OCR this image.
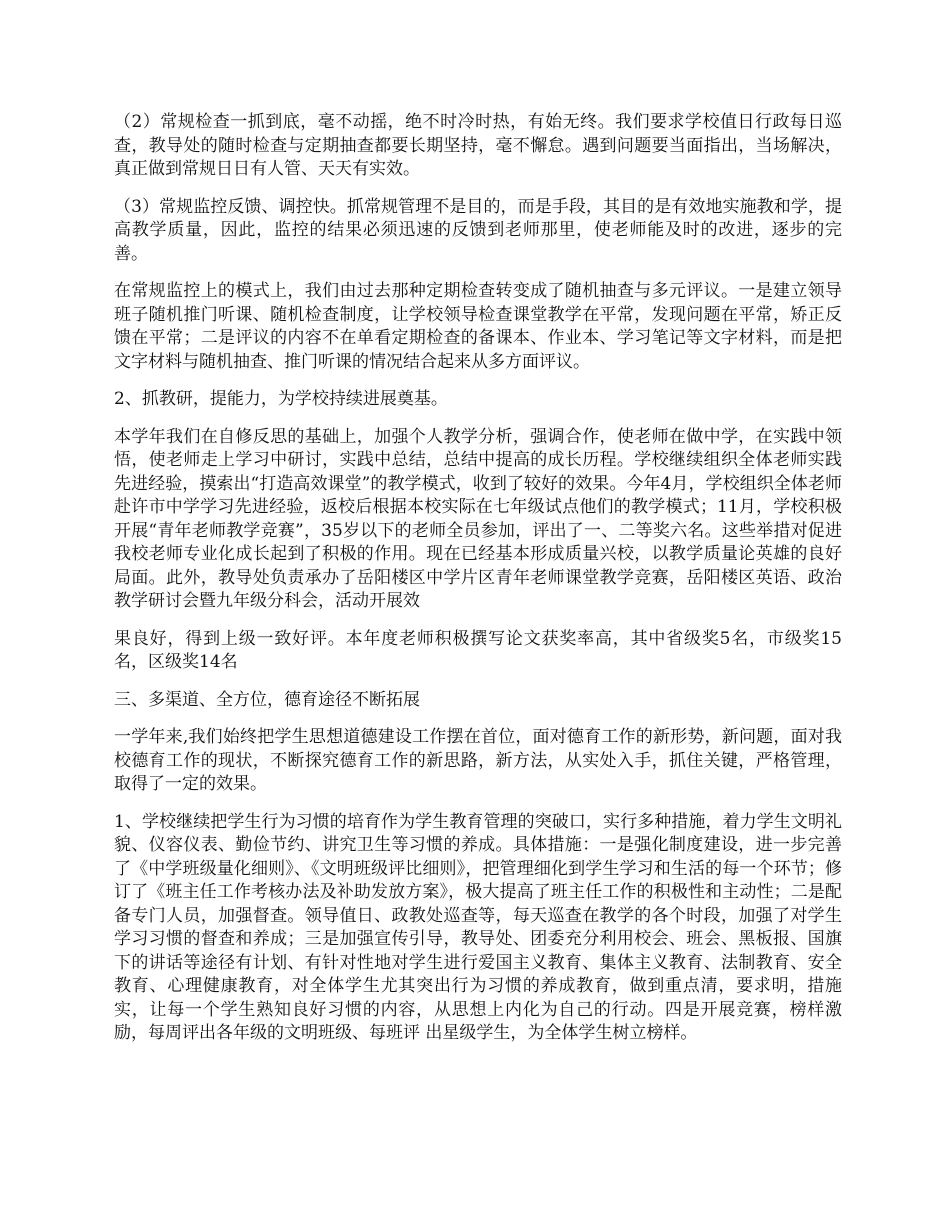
（2）常规检查一抓到底，毫不动摇，绝不时冷时热，有始无终。我们要求学校值日行政每日巡查，教导处的随时检查与定期抽查都要长期坚持，毫不懈怠。遇到问题要当面指出，当场解决，真正做到常规日日有人管、天天有实效。

（3）常规监控反馈、调控快。抓常规管理不是目的，而是手段，其目的是有效地实施教和学，提高教学质量，因此，监控的结果必须迅速的反馈到老师那里，使老师能及时的改进，逐步的完善。

在常规监控上的模式上，我们由过去那种定期检查转变成了随机抽查与多元评议。一是建立领导班子随机推门听课、随机检查制度，让学校领导检查课堂教学在平常，发现问题在平常，矫正反馈在平常；二是评议的内容不在单看定期检查的备课本、作业本、学习笔记等文字材料，而是把文字材料与随机抽查、推门听课的情况结合起来从多方面评议。

2、抓教研，提能力，为学校持续进展奠基。

本学年我们在自修反思的基础上，加强个人教学分析，强调合作，使老师在做中学，在实践中领悟，使老师走上学习中研讨，实践中总结，总结中提高的成长历程。学校继续组织全体老师实践先进经验，摸索出“打造高效课堂”的教学模式，收到了较好的效果。今年4月，学校组织全体老师赴许市中学学习先进经验，返校后根据本校实际在七年级试点他们的教学模式；11月，学校积极开展“青年老师教学竞赛”，35岁以下的老师全员参加，评出了一、二等奖六名。这些举措对促进我校老师专业化成长起到了积极的作用。现在已经基本形成质量兴校，以教学质量论英雄的良好局面。此外，教导处负责承办了岳阳楼区中学片区青年老师课堂教学竞赛，岳阳楼区英语、政治教学研讨会暨九年级分科会，活动开展效

果良好，得到上级一致好评。本年度老师积极撰写论文获奖率高，其中省级奖5名，市级奖15名，区级奖14名

三、多渠道、全方位，德育途径不断拓展

一学年来,我们始终把学生思想道德建设工作摆在首位，面对德育工作的新形势，新问题，面对我校德育工作的现状，不断探究德育工作的新思路，新方法，从实处入手，抓住关键，严格管理，取得了一定的效果。

1、学校继续把学生行为习惯的培育作为学生教育管理的突破口，实行多种措施，着力学生文明礼貌、仪容仪表、勤俭节约、讲究卫生等习惯的养成。具体措施：一是强化制度建设，进一步完善了《中学班级量化细则》、《文明班级评比细则》，把管理细化到学生学习和生活的每一个环节；修订了《班主任工作考核办法及补助发放方案》，极大提高了班主任工作的积极性和主动性；二是配备专门人员，加强督查。领导值日、政教处巡查等，每天巡查在教学的各个时段，加强了对学生学习习惯的督查和养成；三是加强宣传引导，教导处、团委充分利用校会、班会、黑板报、国旗下的讲话等途径有计划、有针对性地对学生进行爱国主义教育、集体主义教育、法制教育、安全教育、心理健康教育，对全体学生尤其突出行为习惯的养成教育，做到重点清，要求明，措施实，让每一个学生熟知良好习惯的内容，从思想上内化为自己的行动。四是开展竞赛，榜样激励，每周评出各年级的文明班级、每班评 出星级学生，为全体学生树立榜样。
